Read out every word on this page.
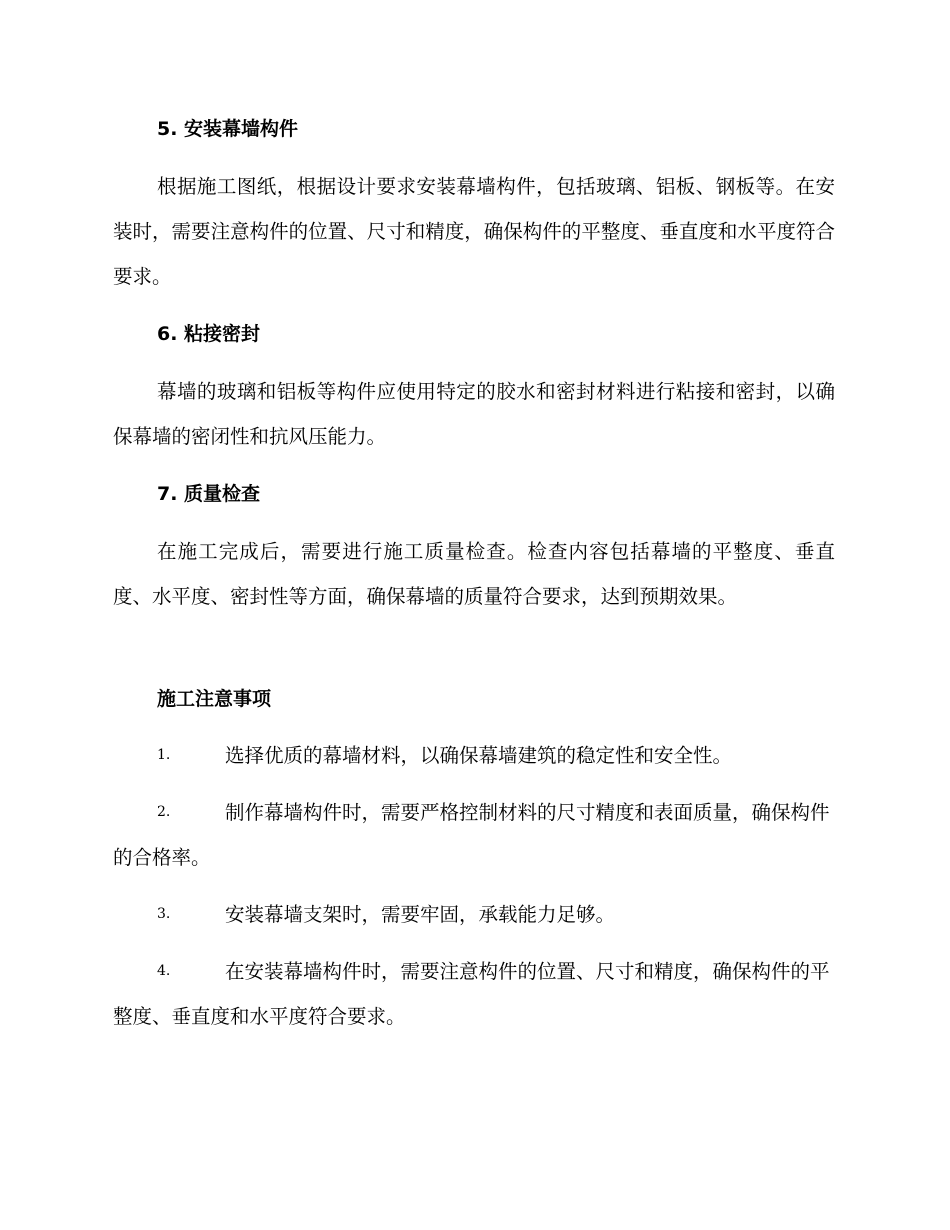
5. 安装幕墙构件

根据施工图纸，根据设计要求安装幕墙构件，包括玻璃、铝板、钢板等。在安装时，需要注意构件的位置、尺寸和精度，确保构件的平整度、垂直度和水平度符合要求。

6. 粘接密封

幕墙的玻璃和铝板等构件应使用特定的胶水和密封材料进行粘接和密封，以确保幕墙的密闭性和抗风压能力。

7. 质量检查

在施工完成后，需要进行施工质量检查。检查内容包括幕墙的平整度、垂直度、水平度、密封性等方面，确保幕墙的质量符合要求，达到预期效果。

施工注意事项
1.	选择优质的幕墙材料，以确保幕墙建筑的稳定性和安全性。
2.	制作幕墙构件时，需要严格控制材料的尺寸精度和表面质量，确保构件的合格率。
3.	安装幕墙支架时，需要牢固，承载能力足够。
4.	在安装幕墙构件时，需要注意构件的位置、尺寸和精度，确保构件的平整度、垂直度和水平度符合要求。
